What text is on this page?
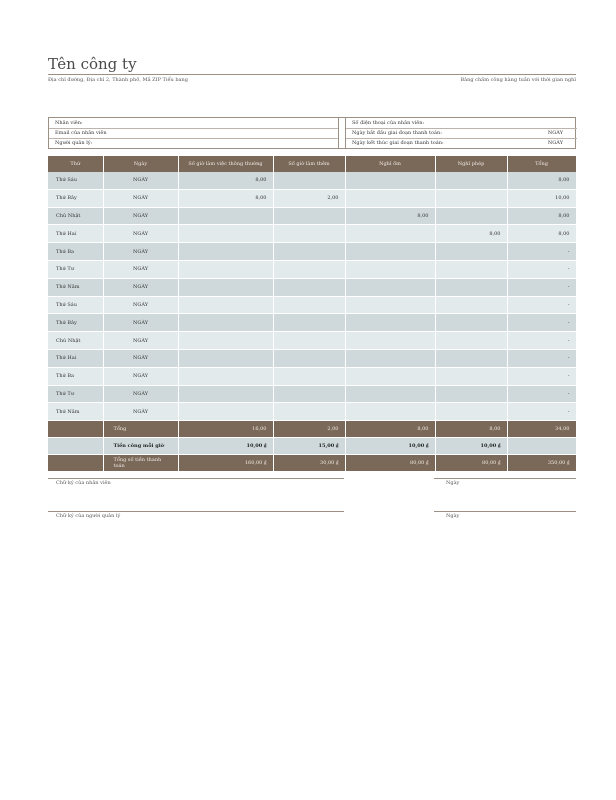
Tên công ty
Địa chỉ đường, Địa chỉ 2, Thành phố, Mã ZIP Tiểu bang	Bảng chấm công hàng tuần với thời gian nghỉ
Nhân viên:
Email của nhân viên
Người quản lý:
Số điện thoại của nhân viên:
Ngày bắt đầu giai đoạn thanh toán:	NGÀY
Ngày kết thúc giai đoạn thanh toán:	NGÀY
Thứ	Ngày	Số giờ làm việc thông thường	Số giờ làm thêm	Nghỉ ốm	Nghỉ phép	Tổng
Thứ Sáu	NGÀY	8,00				8,00
Thứ Bảy	NGÀY	8,00	2,00			10,00
Chủ Nhật	NGÀY			8,00		8,00
Thứ Hai	NGÀY				8,00	8,00
Thứ Ba	NGÀY					-
Thứ Tư	NGÀY					-
Thứ Năm	NGÀY					-
Thứ Sáu	NGÀY					-
Thứ Bảy	NGÀY					-
Chủ Nhật	NGÀY					-
Thứ Hai	NGÀY					-
Thứ Ba	NGÀY					-
Thứ Tư	NGÀY					-
Thứ Năm	NGÀY					-
	Tổng	16,00	2,00	8,00	8,00	34,00
	Tiền công mỗi giờ	10,00 ₫	15,00 ₫	10,00 ₫	10,00 ₫	
	Tổng số tiền thanh toán	160,00 ₫	30,00 ₫	80,00 ₫	80,00 ₫	350,00 ₫
Chữ ký của nhân viên	Ngày
Chữ ký của người quản lý	Ngày
